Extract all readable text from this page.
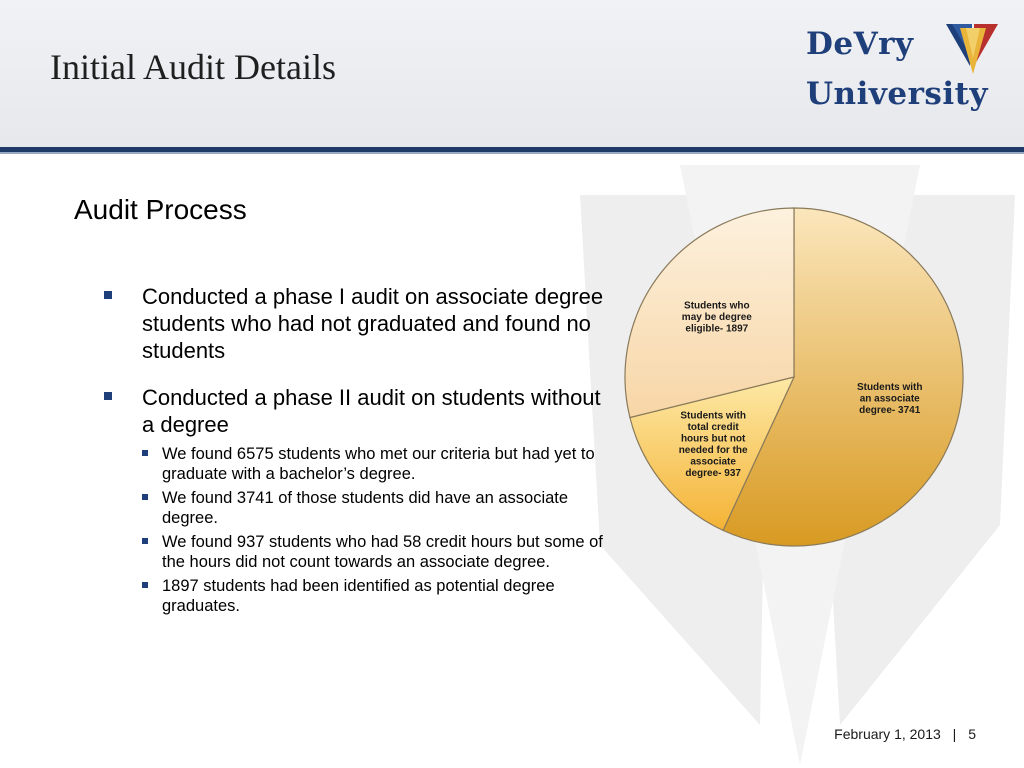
Initial Audit Details
DeVry
University
Audit Process
Conducted a phase I audit on associate degree students who had not graduated and found no students
Conducted a phase II audit on students without a degree
We found 6575 students who met our criteria but had yet to graduate with a bachelor’s degree.
We found 3741 of those students did have an associate degree.
We found 937 students who had 58 credit hours but some of the hours did not count towards an associate degree.
1897 students had been identified as potential degree graduates.
Students with an associate degree- 3741
Students with total credit hours but not needed for the associate degree- 937
Students who may be degree eligible- 1897
February 1, 2013 | 5
